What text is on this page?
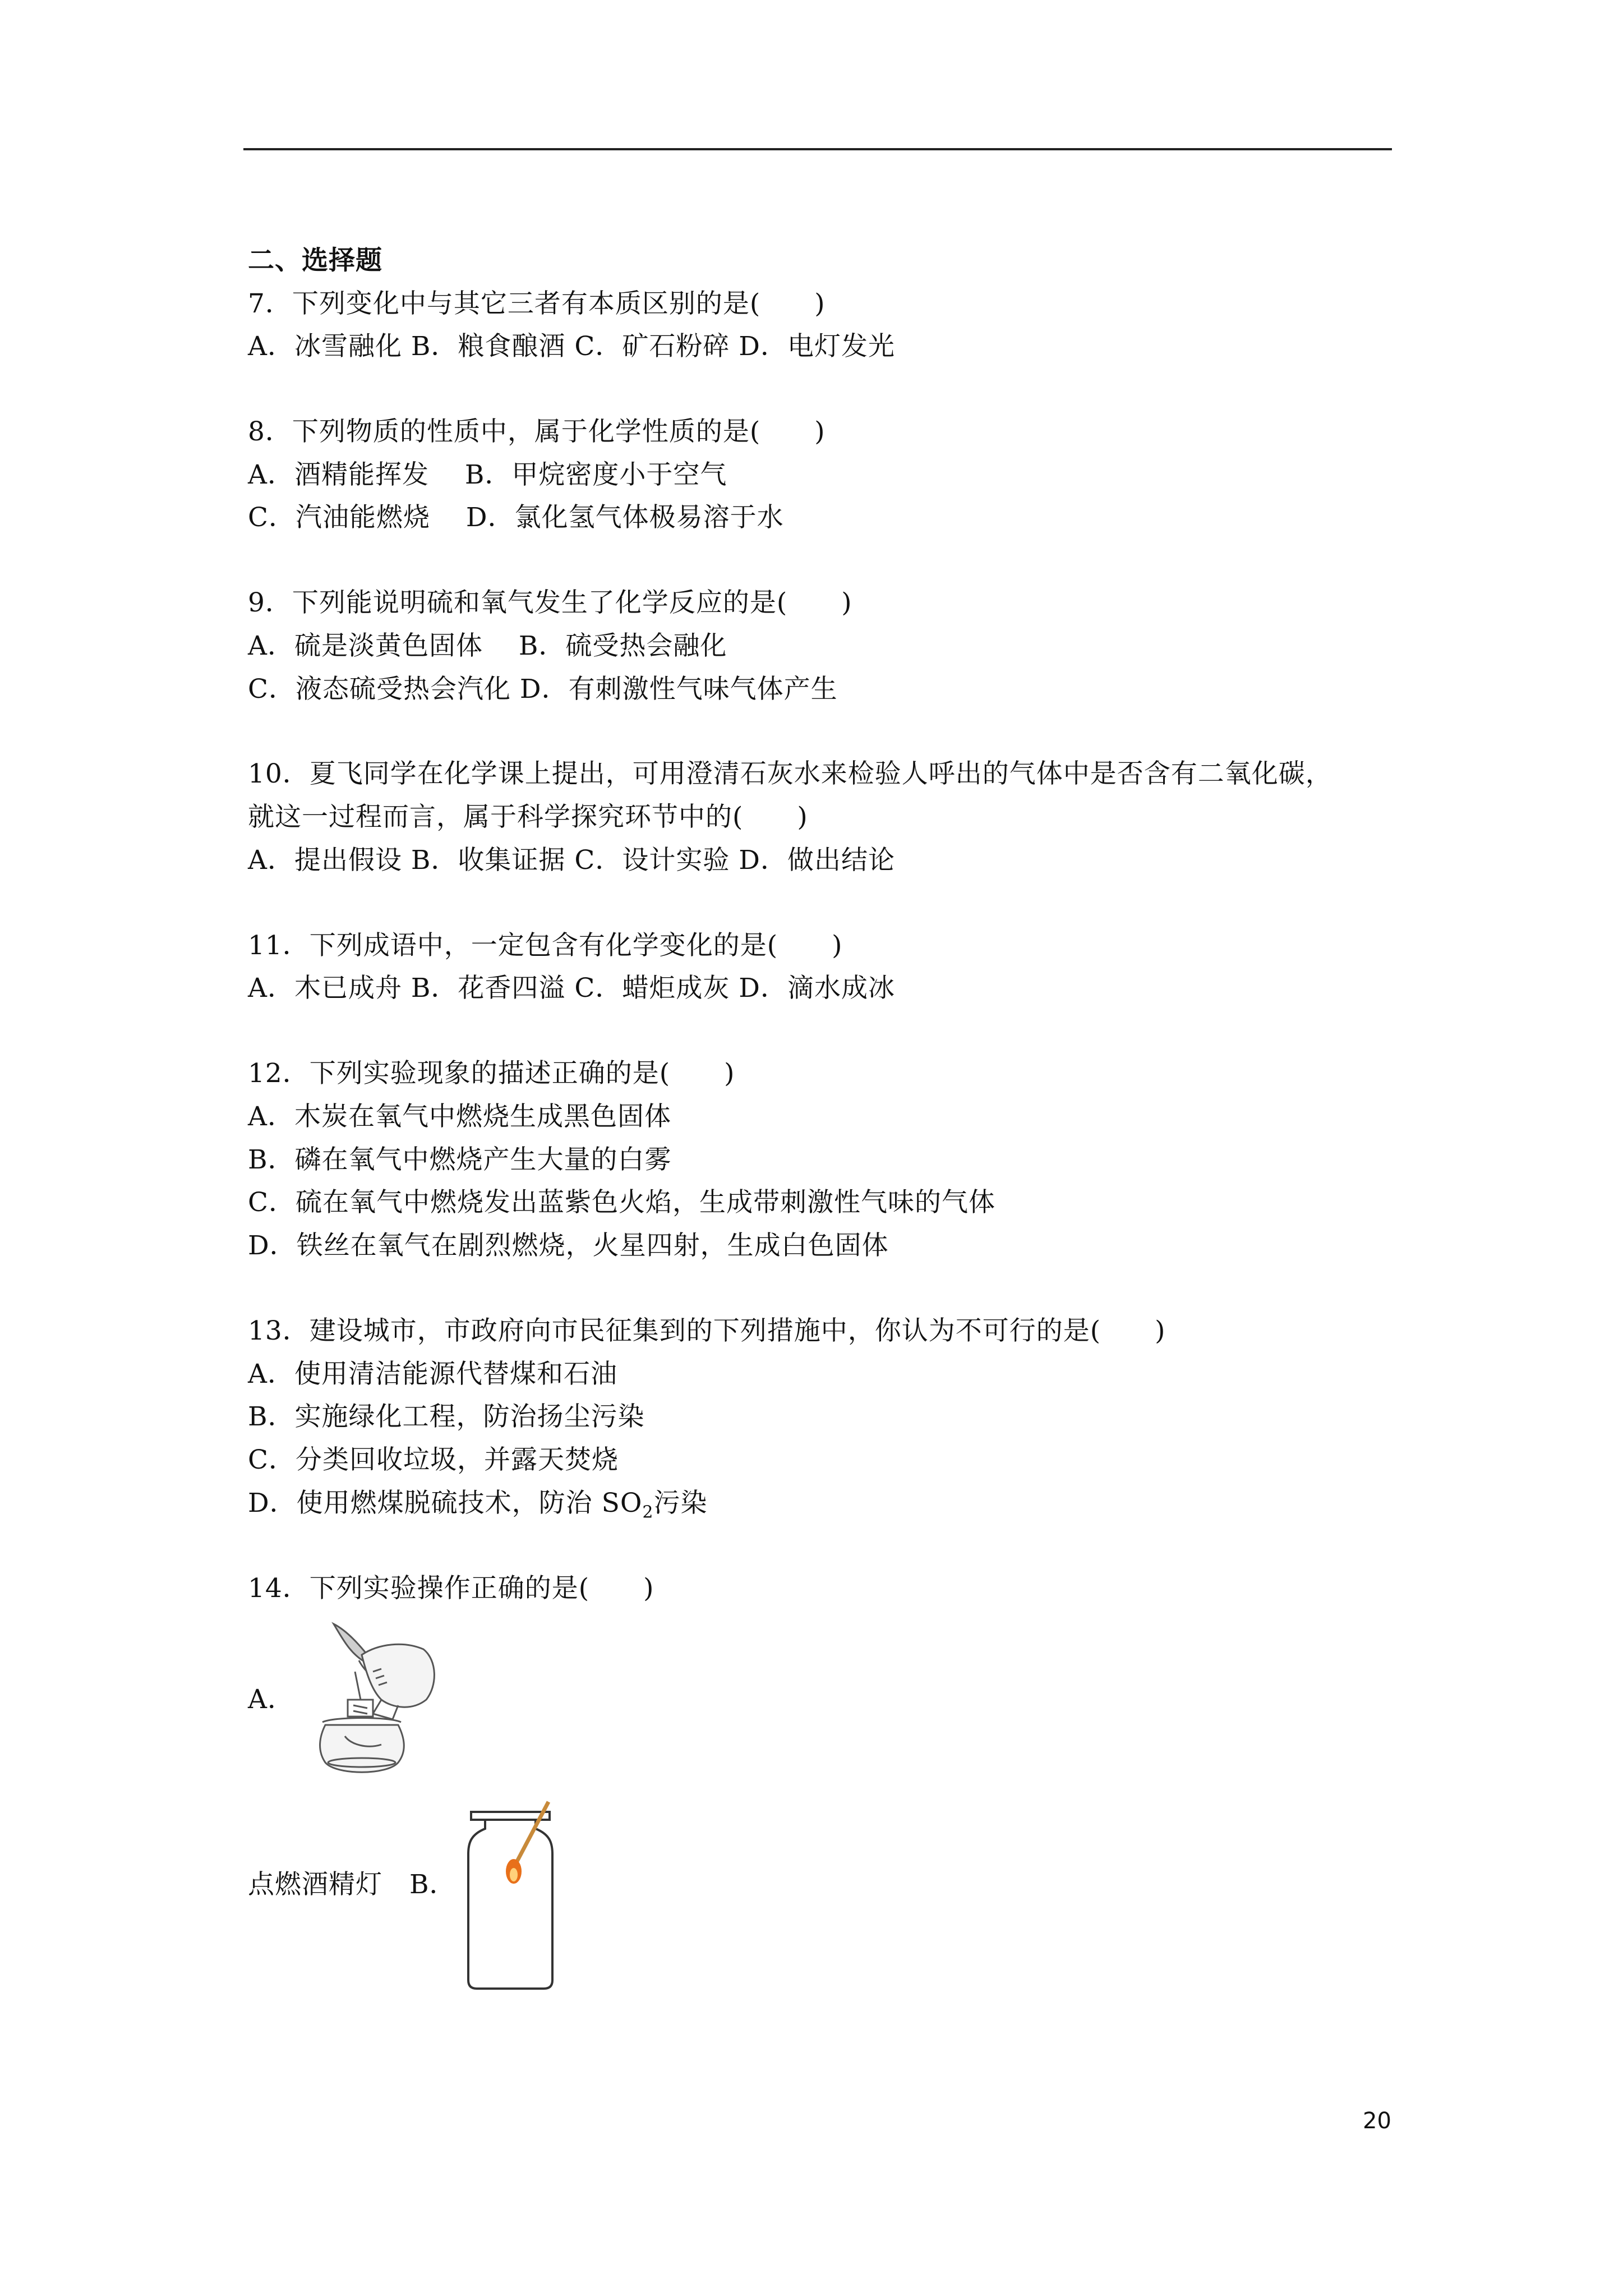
二、选择题
7．下列变化中与其它三者有本质区别的是(　　)
A．冰雪融化 B．粮食酿酒 C．矿石粉碎 D．电灯发光
8．下列物质的性质中，属于化学性质的是(　　)
A．酒精能挥发　 B．甲烷密度小于空气
C．汽油能燃烧　 D．氯化氢气体极易溶于水
9．下列能说明硫和氧气发生了化学反应的是(　　)
A．硫是淡黄色固体　 B．硫受热会融化
C．液态硫受热会汽化 D．有刺激性气味气体产生
10．夏飞同学在化学课上提出，可用澄清石灰水来检验人呼出的气体中是否含有二氧化碳，
就这一过程而言，属于科学探究环节中的(　　)
A．提出假设 B．收集证据 C．设计实验 D．做出结论
11．下列成语中，一定包含有化学变化的是(　　)
A．木已成舟 B．花香四溢 C．蜡炬成灰 D．滴水成冰
12．下列实验现象的描述正确的是(　　)
A．木炭在氧气中燃烧生成黑色固体
B．磷在氧气中燃烧产生大量的白雾
C．硫在氧气中燃烧发出蓝紫色火焰，生成带刺激性气味的气体
D．铁丝在氧气在剧烈燃烧，火星四射，生成白色固体
13．建设城市，市政府向市民征集到的下列措施中，你认为不可行的是(　　)
A．使用清洁能源代替煤和石油
B．实施绿化工程，防治扬尘污染
C．分类回收垃圾，并露天焚烧
D．使用燃煤脱硫技术，防治 $SO_2$污染
14．下列实验操作正确的是(　　)
A．
点燃酒精灯　 B．
20
